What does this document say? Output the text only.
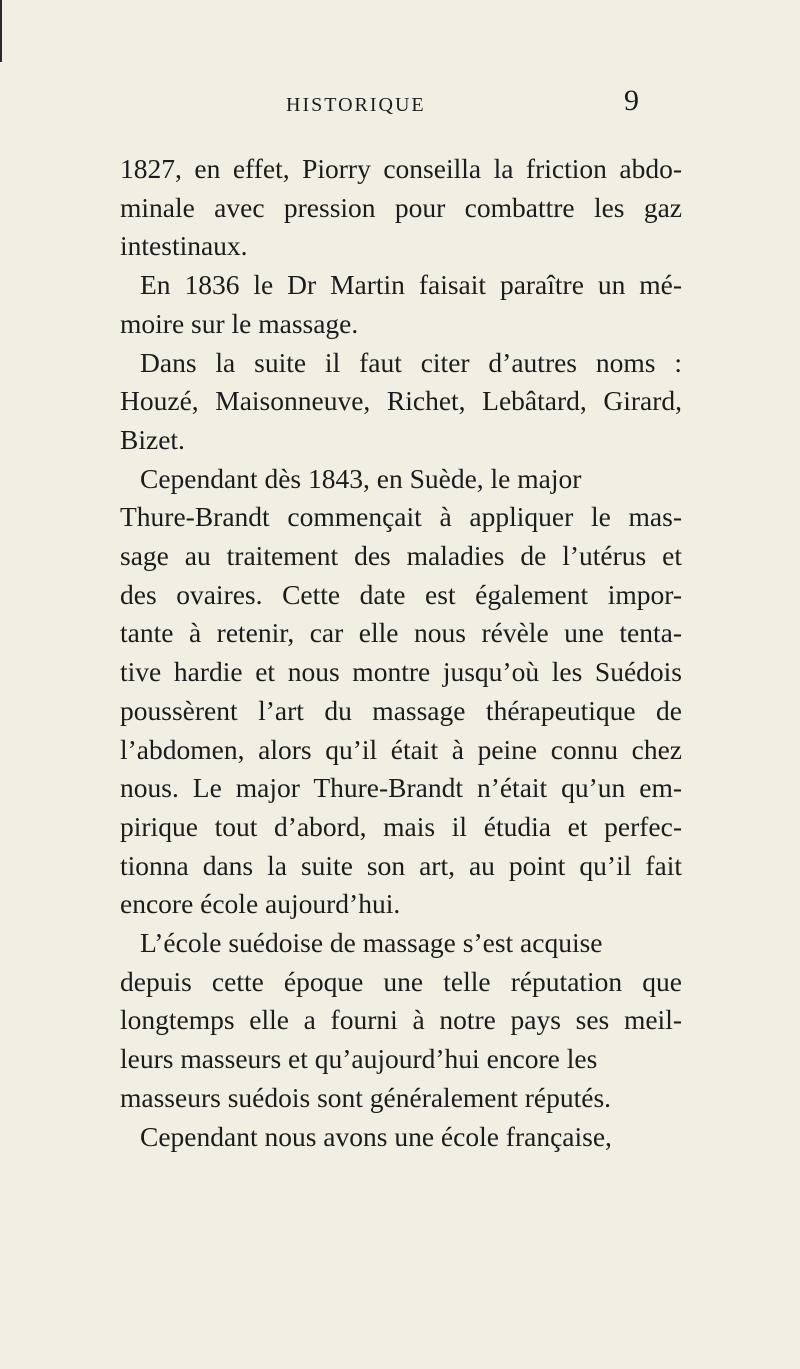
HISTORIQUE	9
1827, en effet, Piorry conseilla la friction abdo-
minale avec pression pour combattre les gaz
intestinaux.
En 1836 le Dr Martin faisait paraître un mé-
moire sur le massage.
Dans la suite il faut citer d’autres noms :
Houzé, Maisonneuve, Richet, Lebâtard, Girard,
Bizet.
Cependant dès 1843, en Suède, le major
Thure-Brandt commençait à appliquer le mas-
sage au traitement des maladies de l’utérus et
des ovaires. Cette date est également impor-
tante à retenir, car elle nous révèle une tenta-
tive hardie et nous montre jusqu’où les Suédois
poussèrent l’art du massage thérapeutique de
l’abdomen, alors qu’il était à peine connu chez
nous. Le major Thure-Brandt n’était qu’un em-
pirique tout d’abord, mais il étudia et perfec-
tionna dans la suite son art, au point qu’il fait
encore école aujourd’hui.
L’école suédoise de massage s’est acquise
depuis cette époque une telle réputation que
longtemps elle a fourni à notre pays ses meil-
leurs masseurs et qu’aujourd’hui encore les
masseurs suédois sont généralement réputés.
Cependant nous avons une école française,
